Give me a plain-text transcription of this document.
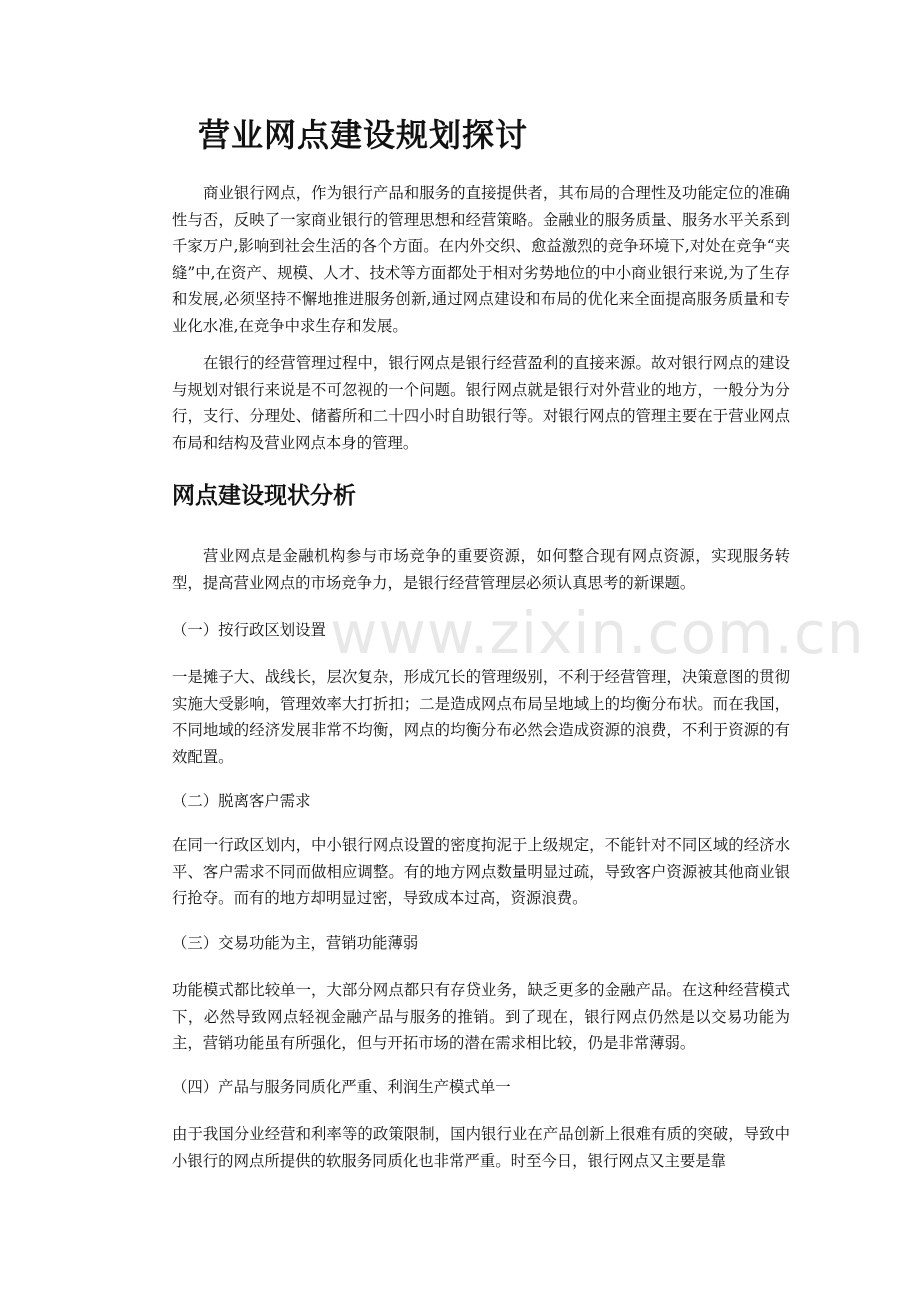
营业网点建设规划探讨

商业银行网点，作为银行产品和服务的直接提供者，其布局的合理性及功能定位的准确性与否，反映了一家商业银行的管理思想和经营策略。金融业的服务质量、服务水平关系到千家万户,影响到社会生活的各个方面。在内外交织、愈益激烈的竞争环境下,对处在竞争“夹缝”中,在资产、规模、人才、技术等方面都处于相对劣势地位的中小商业银行来说,为了生存和发展,必须坚持不懈地推进服务创新,通过网点建设和布局的优化来全面提高服务质量和专业化水准,在竞争中求生存和发展。

在银行的经营管理过程中，银行网点是银行经营盈利的直接来源。故对银行网点的建设与规划对银行来说是不可忽视的一个问题。银行网点就是银行对外营业的地方，一般分为分行，支行、分理处、储蓄所和二十四小时自助银行等。对银行网点的管理主要在于营业网点布局和结构及营业网点本身的管理。

网点建设现状分析

营业网点是金融机构参与市场竞争的重要资源，如何整合现有网点资源，实现服务转型，提高营业网点的市场竞争力，是银行经营管理层必须认真思考的新课题。

（一）按行政区划设置

一是摊子大、战线长，层次复杂，形成冗长的管理级别，不利于经营管理，决策意图的贯彻实施大受影响，管理效率大打折扣；二是造成网点布局呈地域上的均衡分布状。而在我国，不同地域的经济发展非常不均衡，网点的均衡分布必然会造成资源的浪费，不利于资源的有效配置。

（二）脱离客户需求

在同一行政区划内，中小银行网点设置的密度拘泥于上级规定，不能针对不同区域的经济水平、客户需求不同而做相应调整。有的地方网点数量明显过疏，导致客户资源被其他商业银行抢夺。而有的地方却明显过密，导致成本过高，资源浪费。

（三）交易功能为主，营销功能薄弱

功能模式都比较单一，大部分网点都只有存贷业务，缺乏更多的金融产品。在这种经营模式下，必然导致网点轻视金融产品与服务的推销。到了现在，银行网点仍然是以交易功能为主，营销功能虽有所强化，但与开拓市场的潜在需求相比较，仍是非常薄弱。

（四）产品与服务同质化严重、利润生产模式单一

由于我国分业经营和利率等的政策限制，国内银行业在产品创新上很难有质的突破，导致中小银行的网点所提供的软服务同质化也非常严重。时至今日，银行网点又主要是靠

www.zixin.com.cn
